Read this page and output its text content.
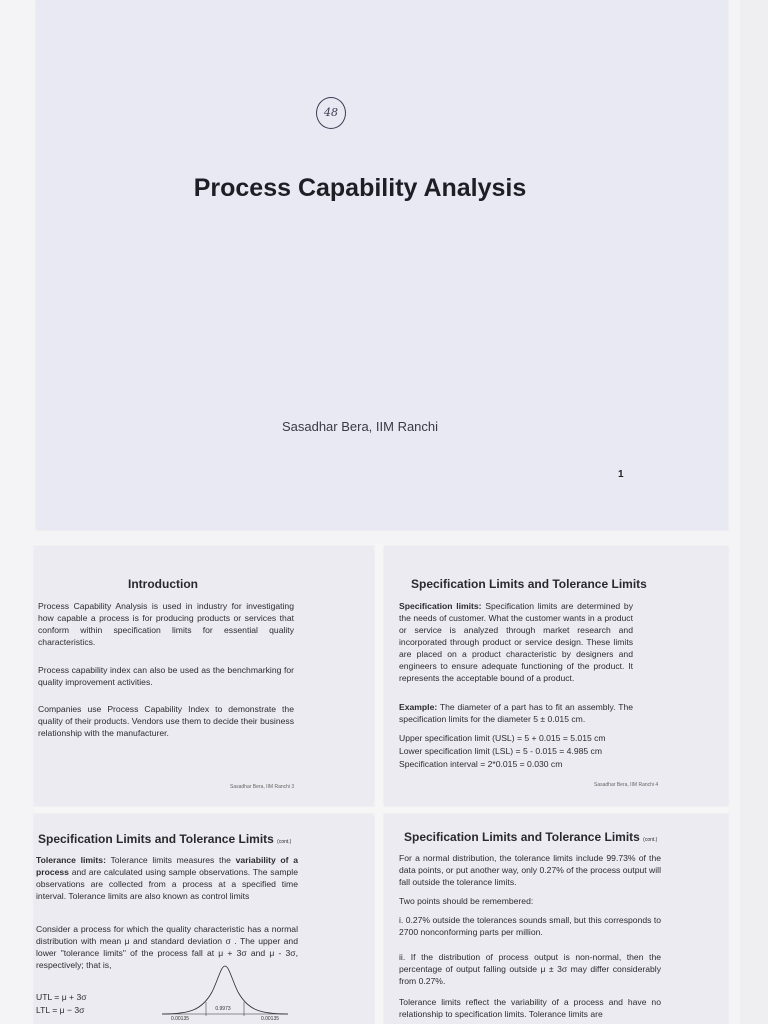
48
Process Capability Analysis

Sasadhar Bera, IIM Ranchi

1
Introduction

Process Capability Analysis is used in industry for investigating how capable a process is for producing products or services that conform within specification limits for essential quality characteristics.

Process capability index can also be used as the benchmarking for quality improvement activities.

Companies use Process Capability Index to demonstrate the quality of their products. Vendors use them to decide their business relationship with the manufacturer.

Sasadhar Bera, IIM Ranchi 3
Specification Limits and Tolerance Limits

Specification limits: Specification limits are determined by the needs of customer. What the customer wants in a product or service is analyzed through market research and incorporated through product or service design. These limits are placed on a product characteristic by designers and engineers to ensure adequate functioning of the product. It represents the acceptable bound of a product.

Example: The diameter of a part has to fit an assembly. The specification limits for the diameter 5 ± 0.015 cm.

Upper specification limit (USL) = 5 + 0.015 = 5.015 cm

Lower specification limit (LSL) = 5 - 0.015 = 4.985 cm

Specification interval = 2*0.015 = 0.030 cm

Sasadhar Bera, IIM Ranchi 4
Specification Limits and Tolerance Limits (cont.)

Tolerance limits: Tolerance limits measures the variability of a process and are calculated using sample observations. The sample observations are collected from a process at a specified time interval. Tolerance limits are also known as control limits

Consider a process for which the quality characteristic has a normal distribution with mean μ and standard deviation σ . The upper and lower "tolerance limits" of the process fall at μ + 3σ and μ - 3σ, respectively; that is,

UTL = μ + 3σ

LTL = μ − 3σ	0.9973
0.00135	0.00135
Specification Limits and Tolerance Limits (cont.)

For a normal distribution, the tolerance limits include 99.73% of the data points, or put another way, only 0.27% of the process output will fall outside the tolerance limits.

Two points should be remembered:

i. 0.27% outside the tolerances sounds small, but this corresponds to 2700 nonconforming parts per million.

ii. If the distribution of process output is non-normal, then the percentage of output falling outside μ ± 3σ may differ considerably from 0.27%.

Tolerance limits reflect the variability of a process and have no relationship to specification limits. Tolerance limits are
